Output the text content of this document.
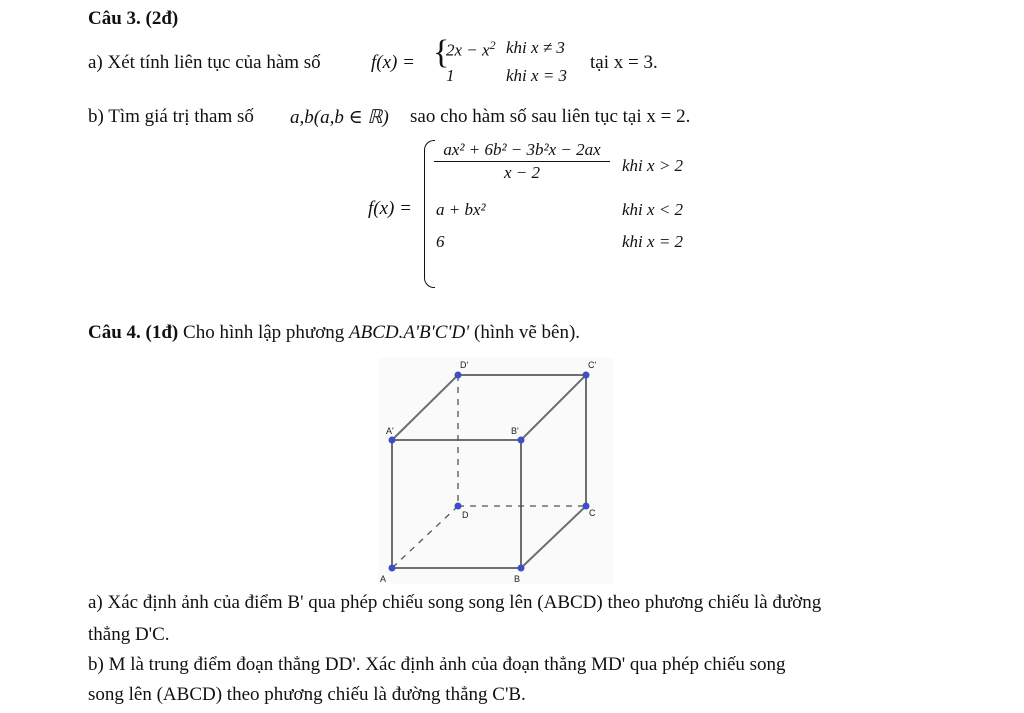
Câu 3. (2đ)
a) Xét tính liên tục của hàm số	f(x) = {
$2x - x^2$ khi x ≠ 3
1	khi x = 3
tại x = 3.
b) Tìm giá trị tham số a,b(a,b ∈ ℝ) sao cho hàm số sau liên tục tại x = 2.
f(x) =
$\frac{\text{ax² + 6b² − 3b²x − 2ax}}{x - 2}$ khi x > 2
a + bx²	khi x < 2
6	khi x = 2
Câu 4. (1đ) Cho hình lập phương ABCD.A'B'C'D' (hình vẽ bên).
D'	C'
A'	B'
D	C
A	B
a) Xác định ảnh của điểm B' qua phép chiếu song song lên (ABCD) theo phương chiếu là đường
thẳng D'C.
b) M là trung điểm đoạn thẳng DD'. Xác định ảnh của đoạn thẳng MD' qua phép chiếu song
song lên (ABCD) theo phương chiếu là đường thẳng C'B.
